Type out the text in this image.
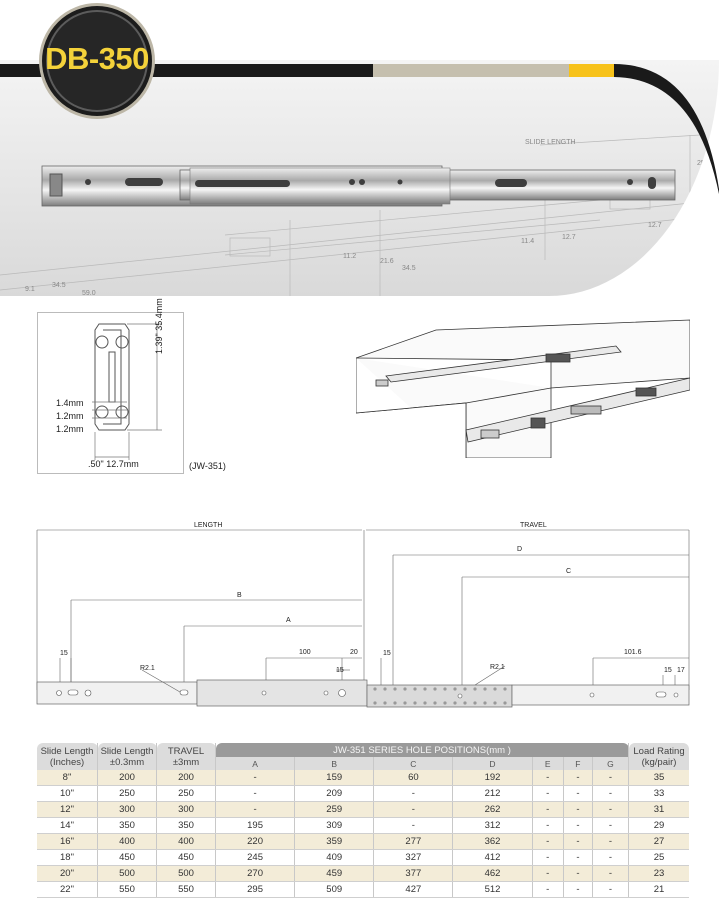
SLIDE LENGTH
25.0
21.6
34.5
11.2
11.4
12.7
12.7
34.5
9.1
59.0
DB-350
1.39" 35.4mm
1.4mm
1.2mm
1.2mm
.50" 12.7mm	(JW-351)
LENGTH	TRAVEL
B
A
D
C
15	100	20
15
R2.1
15
R2.1
101.6
15 17
Slide Length (Inches)	Slide Length ±0.3mm	TRAVEL ±3mm	JW-351 SERIES HOLE POSITIONS(mm )							Load Rating (kg/pair)
			A	B	C	D	E	F	G	
8"	200	200	-	159	60	192	-	-	-	35
10"	250	250	-	209	-	212	-	-	-	33
12"	300	300	-	259	-	262	-	-	-	31
14"	350	350	195	309	-	312	-	-	-	29
16"	400	400	220	359	277	362	-	-	-	27
18"	450	450	245	409	327	412	-	-	-	25
20"	500	500	270	459	377	462	-	-	-	23
22"	550	550	295	509	427	512	-	-	-	21
